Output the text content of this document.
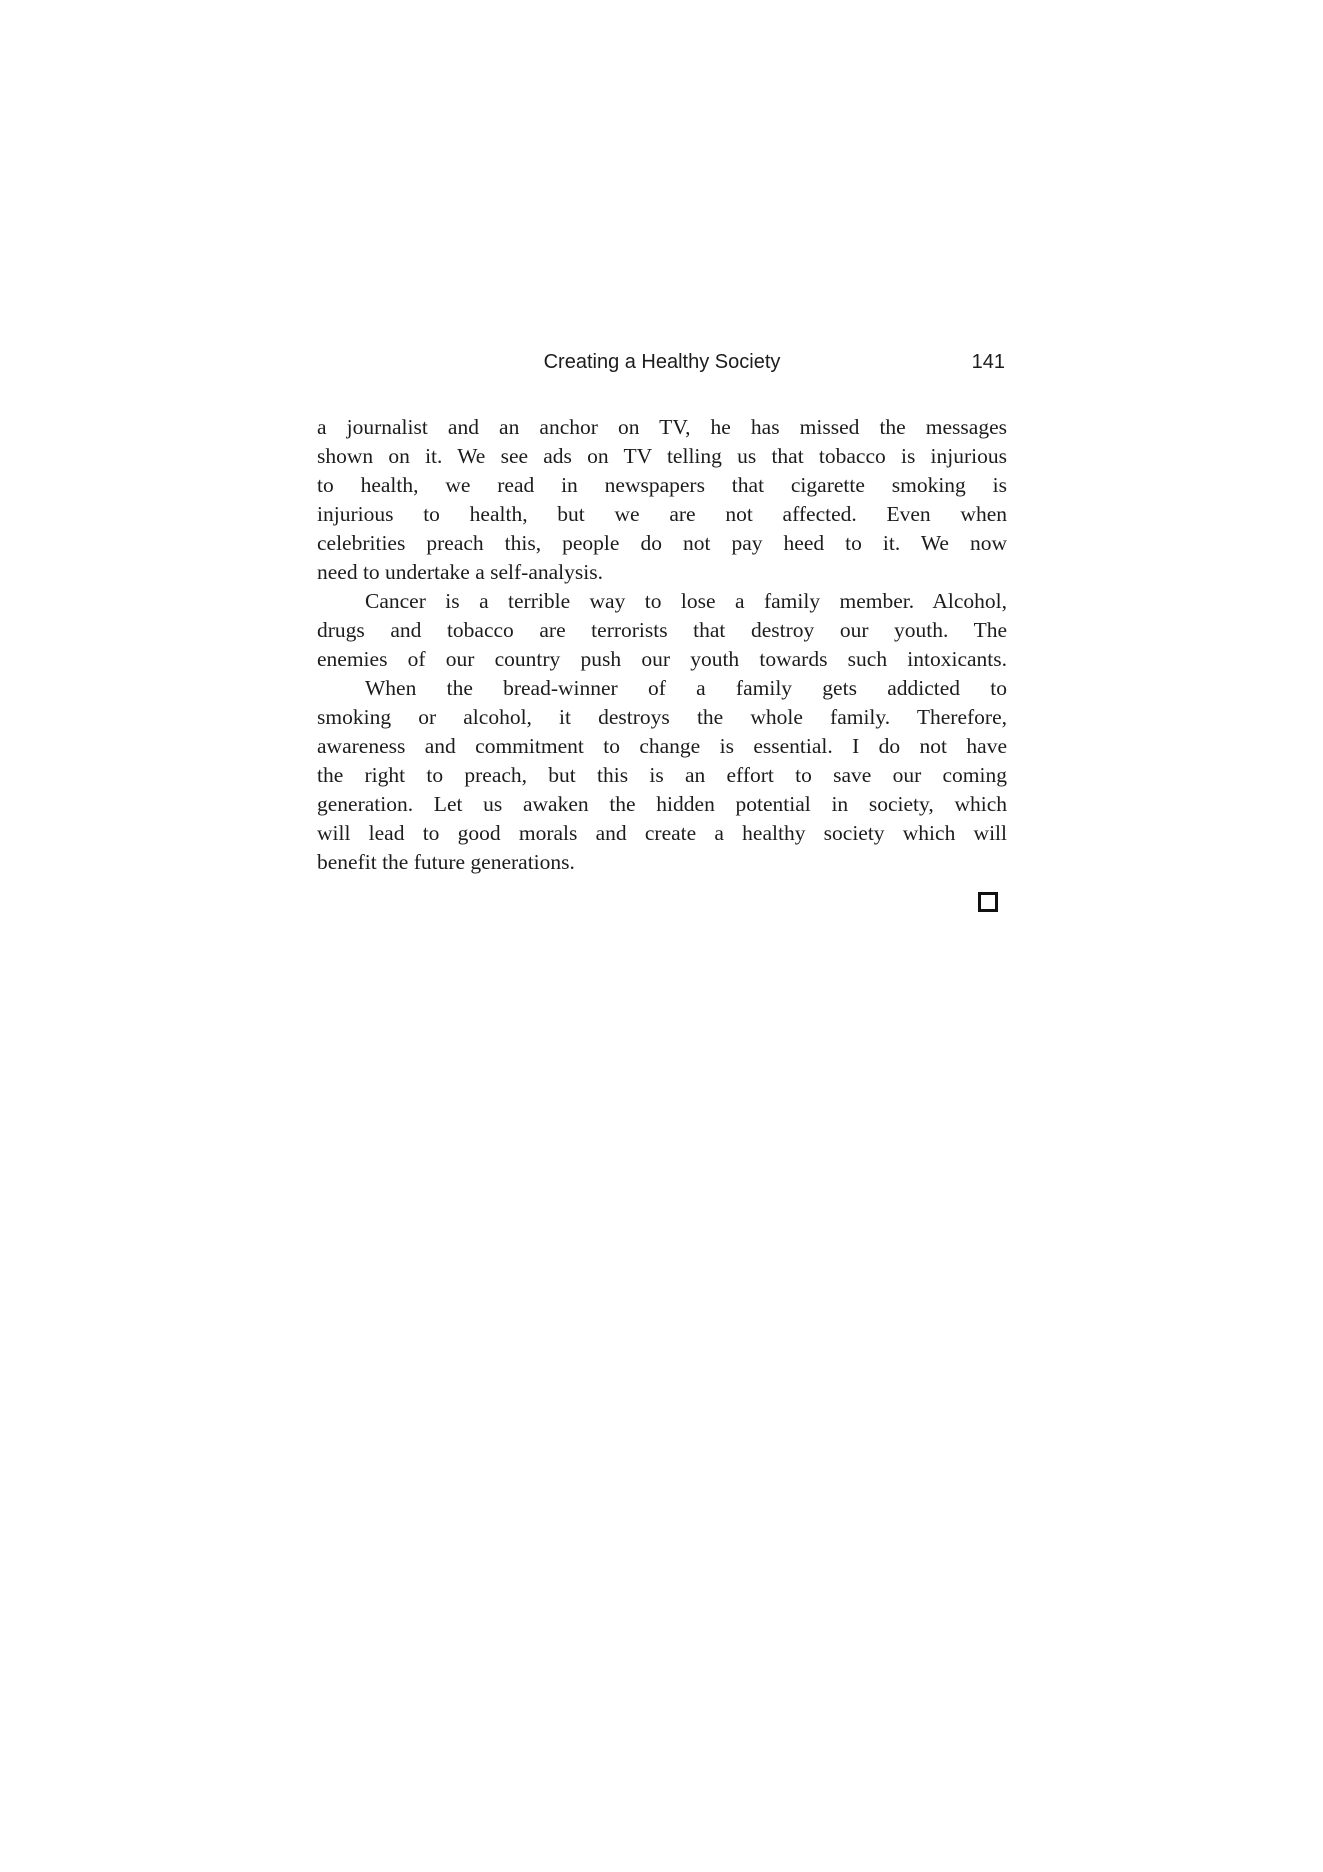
Creating a Healthy Society	141
a journalist and an anchor on TV, he has missed the messages
shown on it. We see ads on TV telling us that tobacco is injurious
to health, we read in newspapers that cigarette smoking is
injurious to health, but we are not affected. Even when
celebrities preach this, people do not pay heed to it. We now
need to undertake a self-analysis.
Cancer is a terrible way to lose a family member. Alcohol,
drugs and tobacco are terrorists that destroy our youth. The
enemies of our country push our youth towards such intoxicants.
When the bread-winner of a family gets addicted to
smoking or alcohol, it destroys the whole family. Therefore,
awareness and commitment to change is essential. I do not have
the right to preach, but this is an effort to save our coming
generation. Let us awaken the hidden potential in society, which
will lead to good morals and create a healthy society which will
benefit the future generations.
